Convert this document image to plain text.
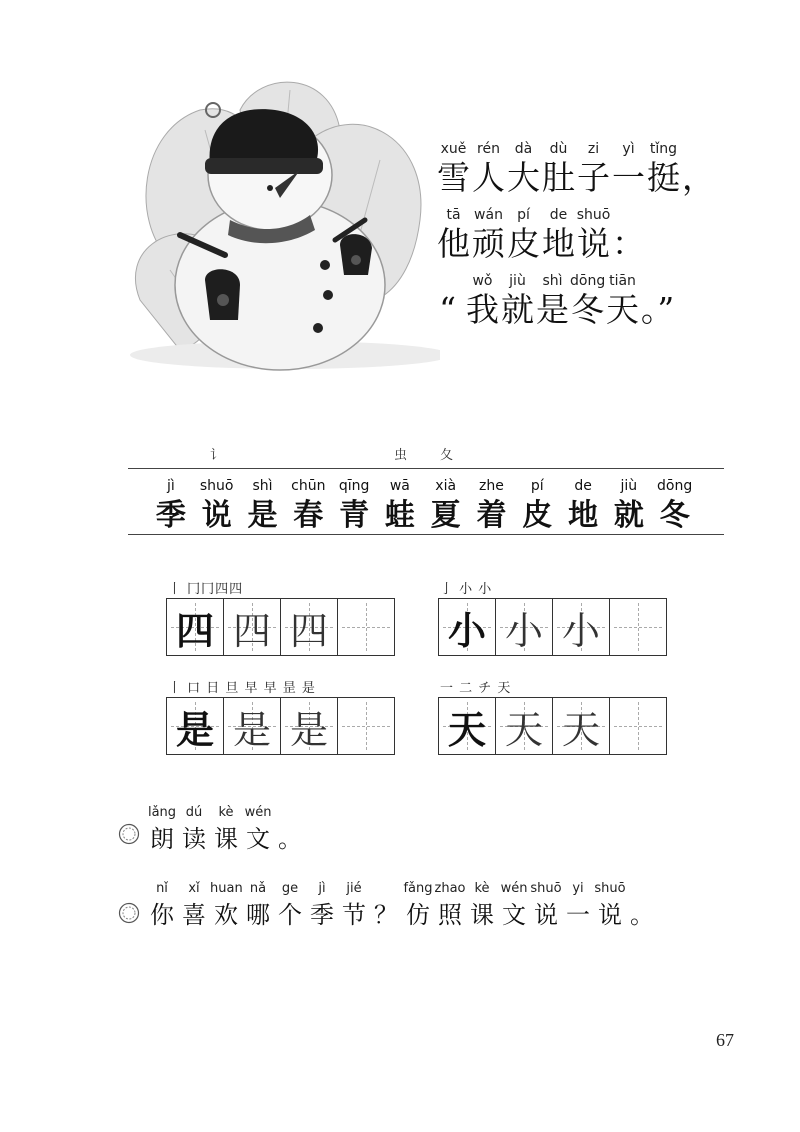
xuě rén	dà	dù	zi	yì	tǐng
雪 人 大 肚 子 一 挺 ，
tā wán	pí	de shuō
他 顽 皮 地 说 ：
wǒ	jiù	shì dōng tiān
“ 我 就 是 冬 天 。”
讠	虫	夂
jì	shuō	shì	chūn qīng	wā	xià	zhe	pí	de	jiù	dōng
季 说 是 春 青 蛙 夏 着 皮 地 就 冬
丨 冂冂四四
四 四 四
亅 小 小
小 小 小
丨 口 日 旦 早 早 昰 是
是 是 是
一 二 チ 天
天 天 天
lǎng dú	kè wén
朗 读 课 文 。
nǐ	xǐ huan nǎ	ge	jì	jié	fǎng zhao kè wén shuō yi shuō
你 喜 欢 哪 个 季 节 ？ 仿 照 课 文 说 一 说 。
67
